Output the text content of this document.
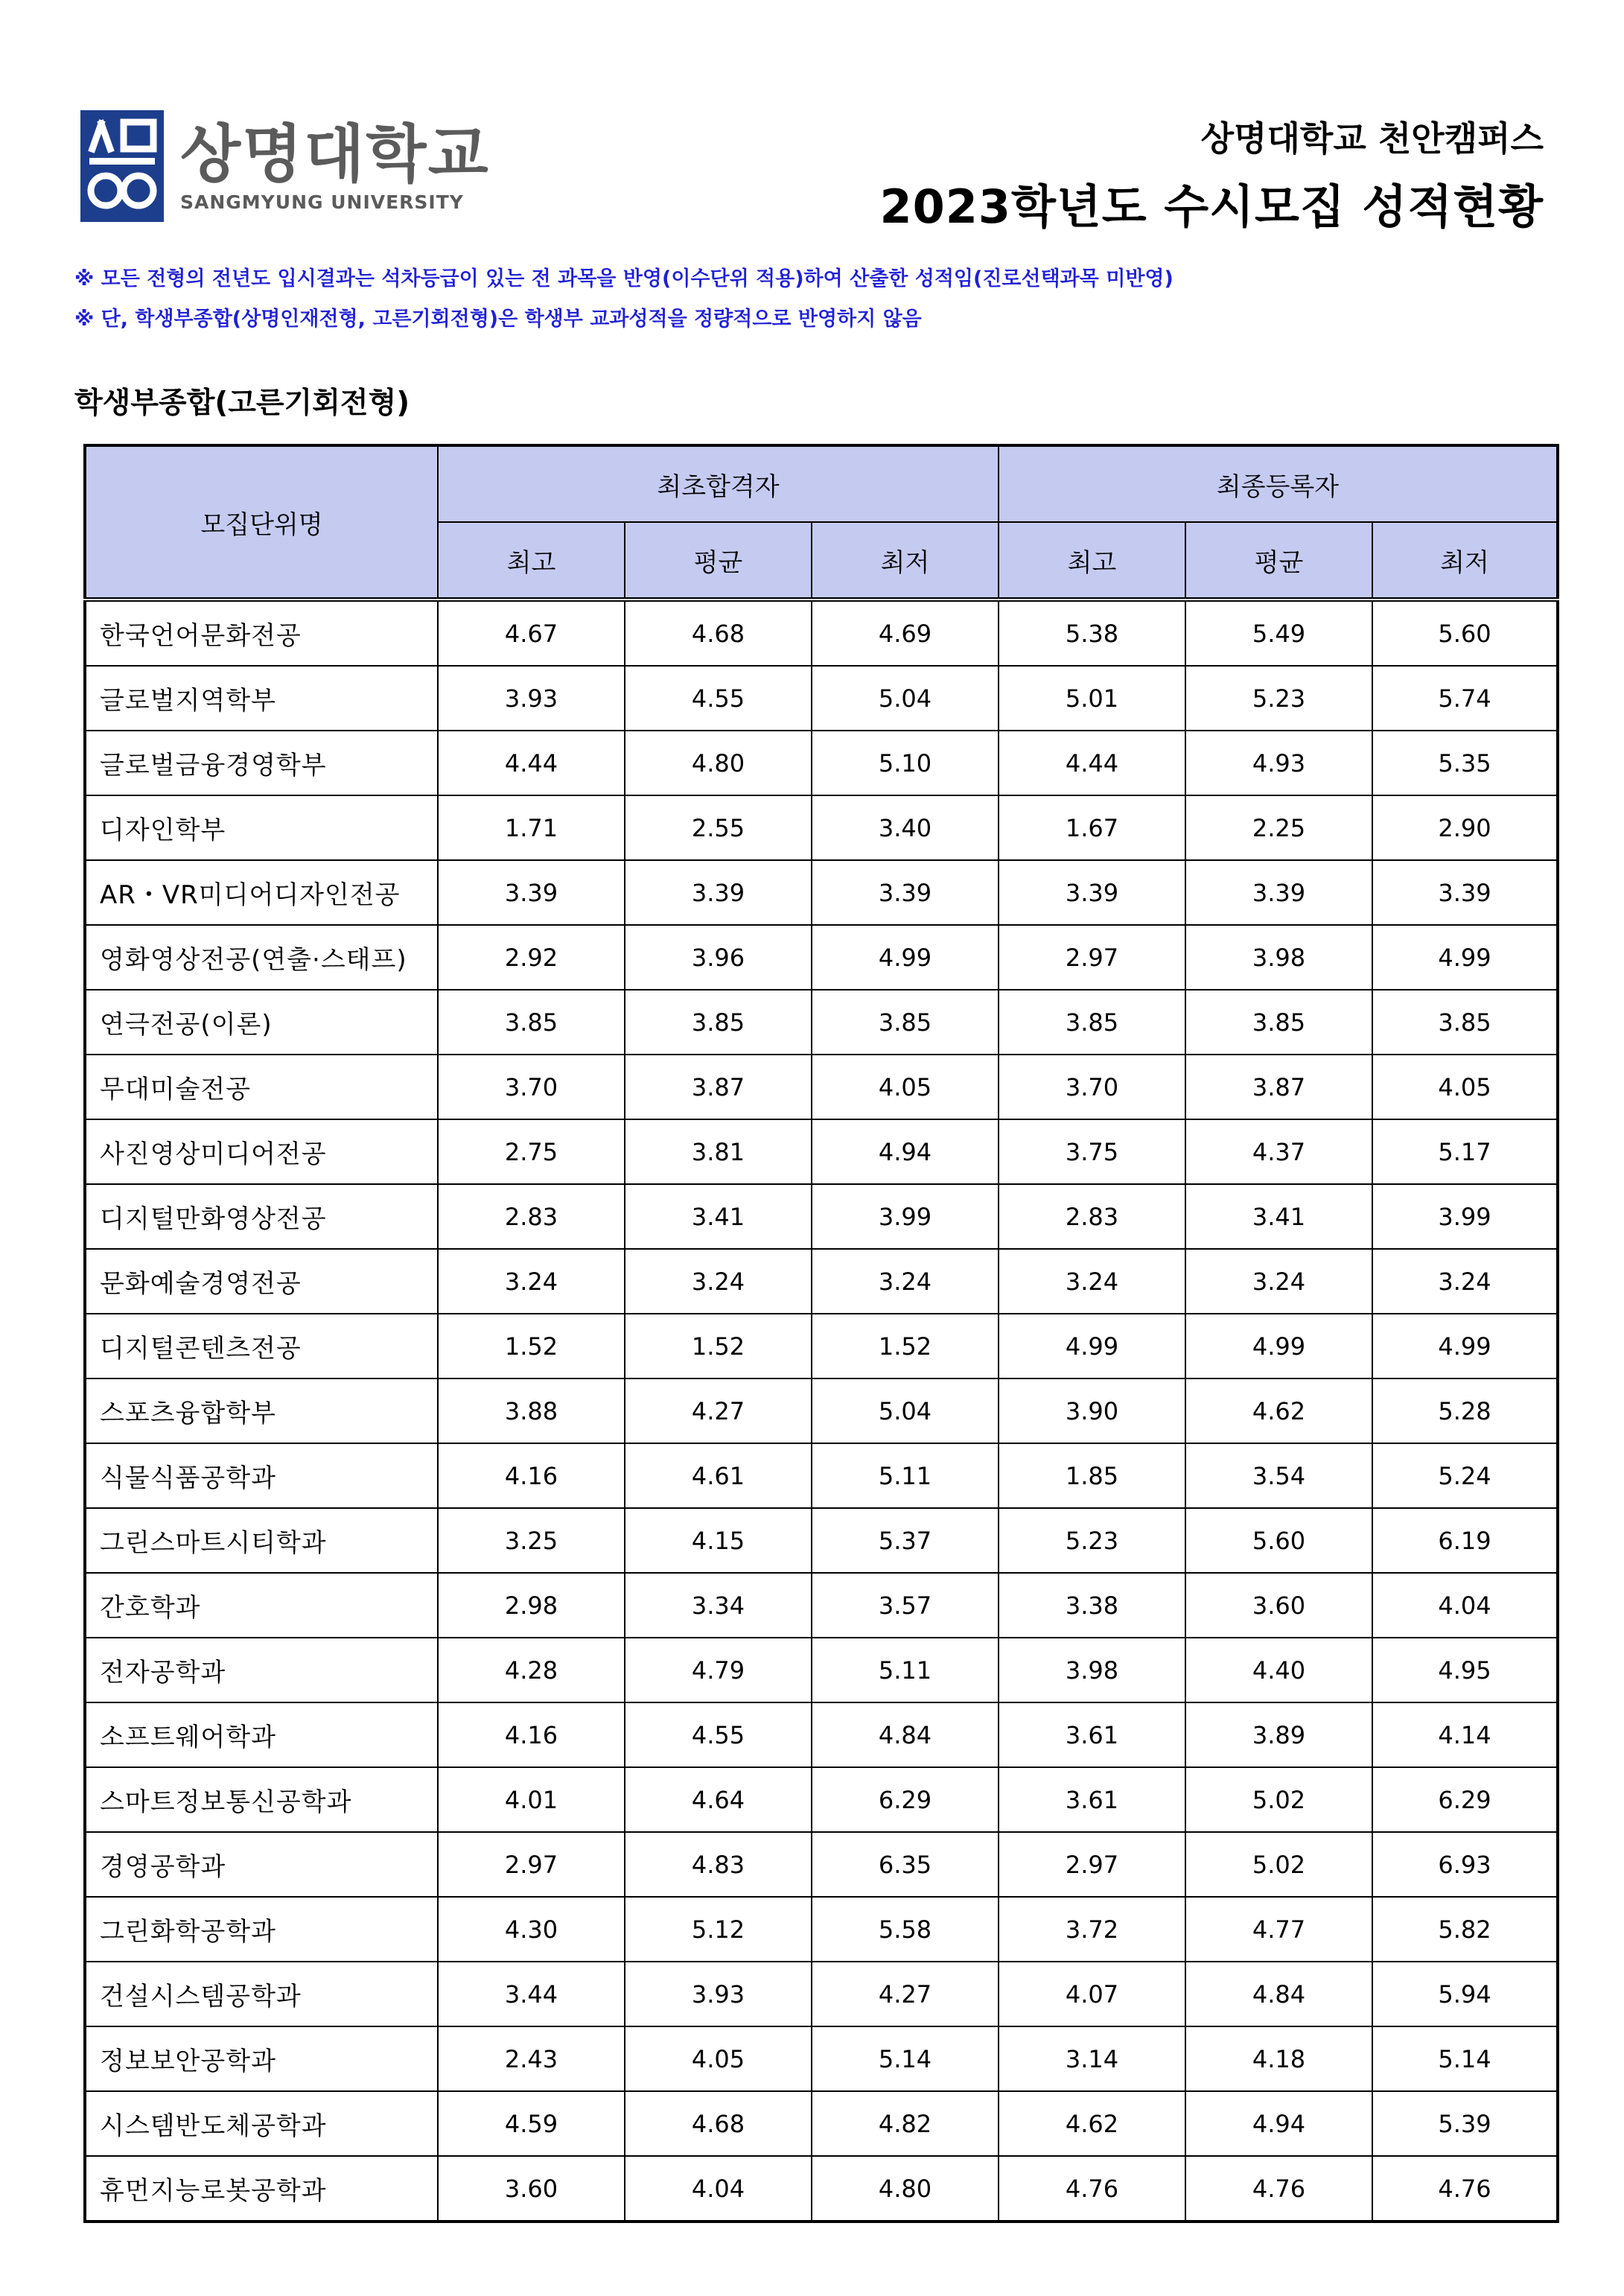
상명대학교
SANGMYUNG UNIVERSITY
상명대학교 천안캠퍼스
2023학년도 수시모집 성적현황
※ 모든 전형의 전년도 입시결과는 석차등급이 있는 전 과목을 반영(이수단위 적용)하여 산출한 성적임(진로선택과목 미반영)
※ 단, 학생부종합(상명인재전형, 고른기회전형)은 학생부 교과성적을 정량적으로 반영하지 않음
학생부종합(고른기회전형)
모집단위명	최초합격자			최종등록자		
	최고	평균	최저	최고	평균	최저
한국언어문화전공	4.67	4.68	4.69	5.38	5.49	5.60
글로벌지역학부	3.93	4.55	5.04	5.01	5.23	5.74
글로벌금융경영학부	4.44	4.80	5.10	4.44	4.93	5.35
디자인학부	1.71	2.55	3.40	1.67	2.25	2.90
AR・VR미디어디자인전공	3.39	3.39	3.39	3.39	3.39	3.39
영화영상전공(연출·스태프)	2.92	3.96	4.99	2.97	3.98	4.99
연극전공(이론)	3.85	3.85	3.85	3.85	3.85	3.85
무대미술전공	3.70	3.87	4.05	3.70	3.87	4.05
사진영상미디어전공	2.75	3.81	4.94	3.75	4.37	5.17
디지털만화영상전공	2.83	3.41	3.99	2.83	3.41	3.99
문화예술경영전공	3.24	3.24	3.24	3.24	3.24	3.24
디지털콘텐츠전공	1.52	1.52	1.52	4.99	4.99	4.99
스포츠융합학부	3.88	4.27	5.04	3.90	4.62	5.28
식물식품공학과	4.16	4.61	5.11	1.85	3.54	5.24
그린스마트시티학과	3.25	4.15	5.37	5.23	5.60	6.19
간호학과	2.98	3.34	3.57	3.38	3.60	4.04
전자공학과	4.28	4.79	5.11	3.98	4.40	4.95
소프트웨어학과	4.16	4.55	4.84	3.61	3.89	4.14
스마트정보통신공학과	4.01	4.64	6.29	3.61	5.02	6.29
경영공학과	2.97	4.83	6.35	2.97	5.02	6.93
그린화학공학과	4.30	5.12	5.58	3.72	4.77	5.82
건설시스템공학과	3.44	3.93	4.27	4.07	4.84	5.94
정보보안공학과	2.43	4.05	5.14	3.14	4.18	5.14
시스템반도체공학과	4.59	4.68	4.82	4.62	4.94	5.39
휴먼지능로봇공학과	3.60	4.04	4.80	4.76	4.76	4.76
